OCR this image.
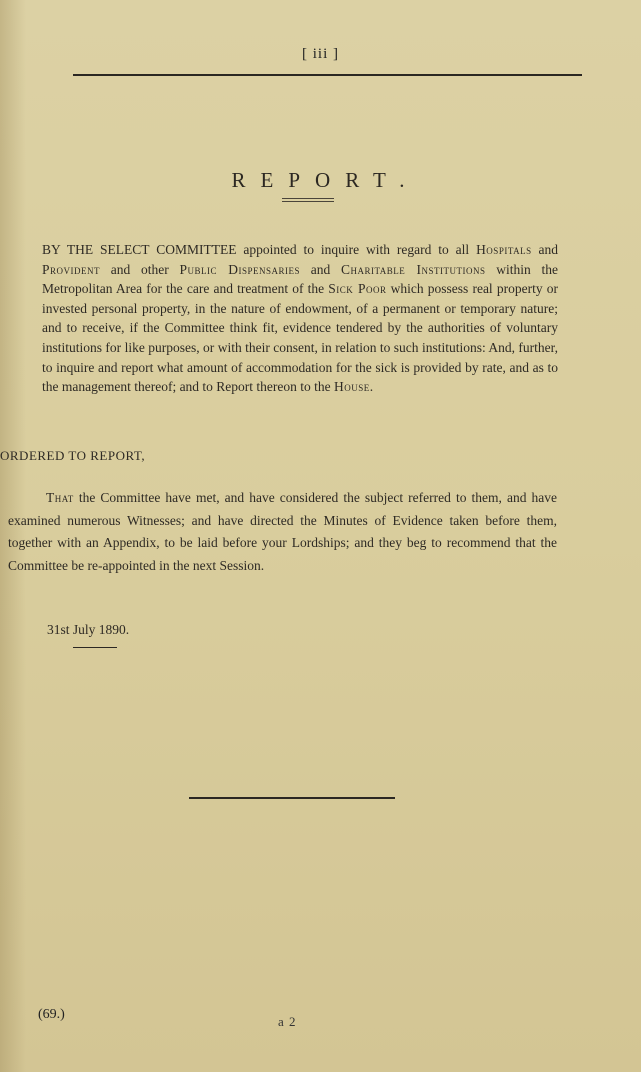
[ iii ]
REPORT.
BY THE SELECT COMMITTEE appointed to inquire with regard to all Hospitals and Provident and other Public Dispensaries and Charitable Institutions within the Metropolitan Area for the care and treatment of the Sick Poor which possess real property or invested personal property, in the nature of endowment, of a permanent or temporary nature; and to receive, if the Committee think fit, evidence tendered by the authorities of voluntary institutions for like purposes, or with their consent, in relation to such institutions: And, further, to inquire and report what amount of accommodation for the sick is provided by rate, and as to the management thereof; and to Report thereon to the House.
ORDERED TO REPORT,
That the Committee have met, and have considered the subject referred to them, and have examined numerous Witnesses; and have directed the Minutes of Evidence taken before them, together with an Appendix, to be laid before your Lordships; and they beg to recommend that the Committee be re-appointed in the next Session.
31st July 1890.
(69.)	a 2
